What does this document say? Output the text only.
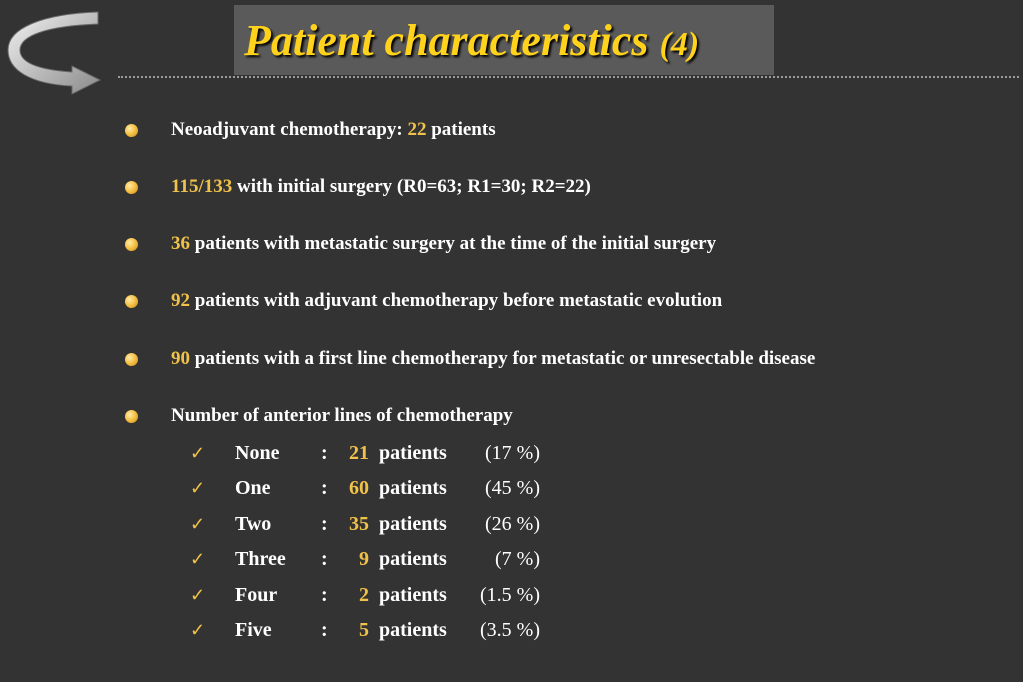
Patient characteristics (4)
Neoadjuvant chemotherapy: 22 patients
115/133 with initial surgery (R0=63; R1=30; R2=22)
36 patients with metastatic surgery at the time of the initial surgery
92 patients with adjuvant chemotherapy before metastatic evolution
90 patients with a first line chemotherapy for metastatic or unresectable disease
Number of anterior lines of chemotherapy
✓ None :	21 patients	(17 %)
✓ One	:	60 patients	(45 %)
✓ Two :	35 patients	(26 %)
✓ Three :	9 patients	(7 %)
✓ Four :	2 patients	(1.5 %)
✓ Five :	5 patients	(3.5 %)
